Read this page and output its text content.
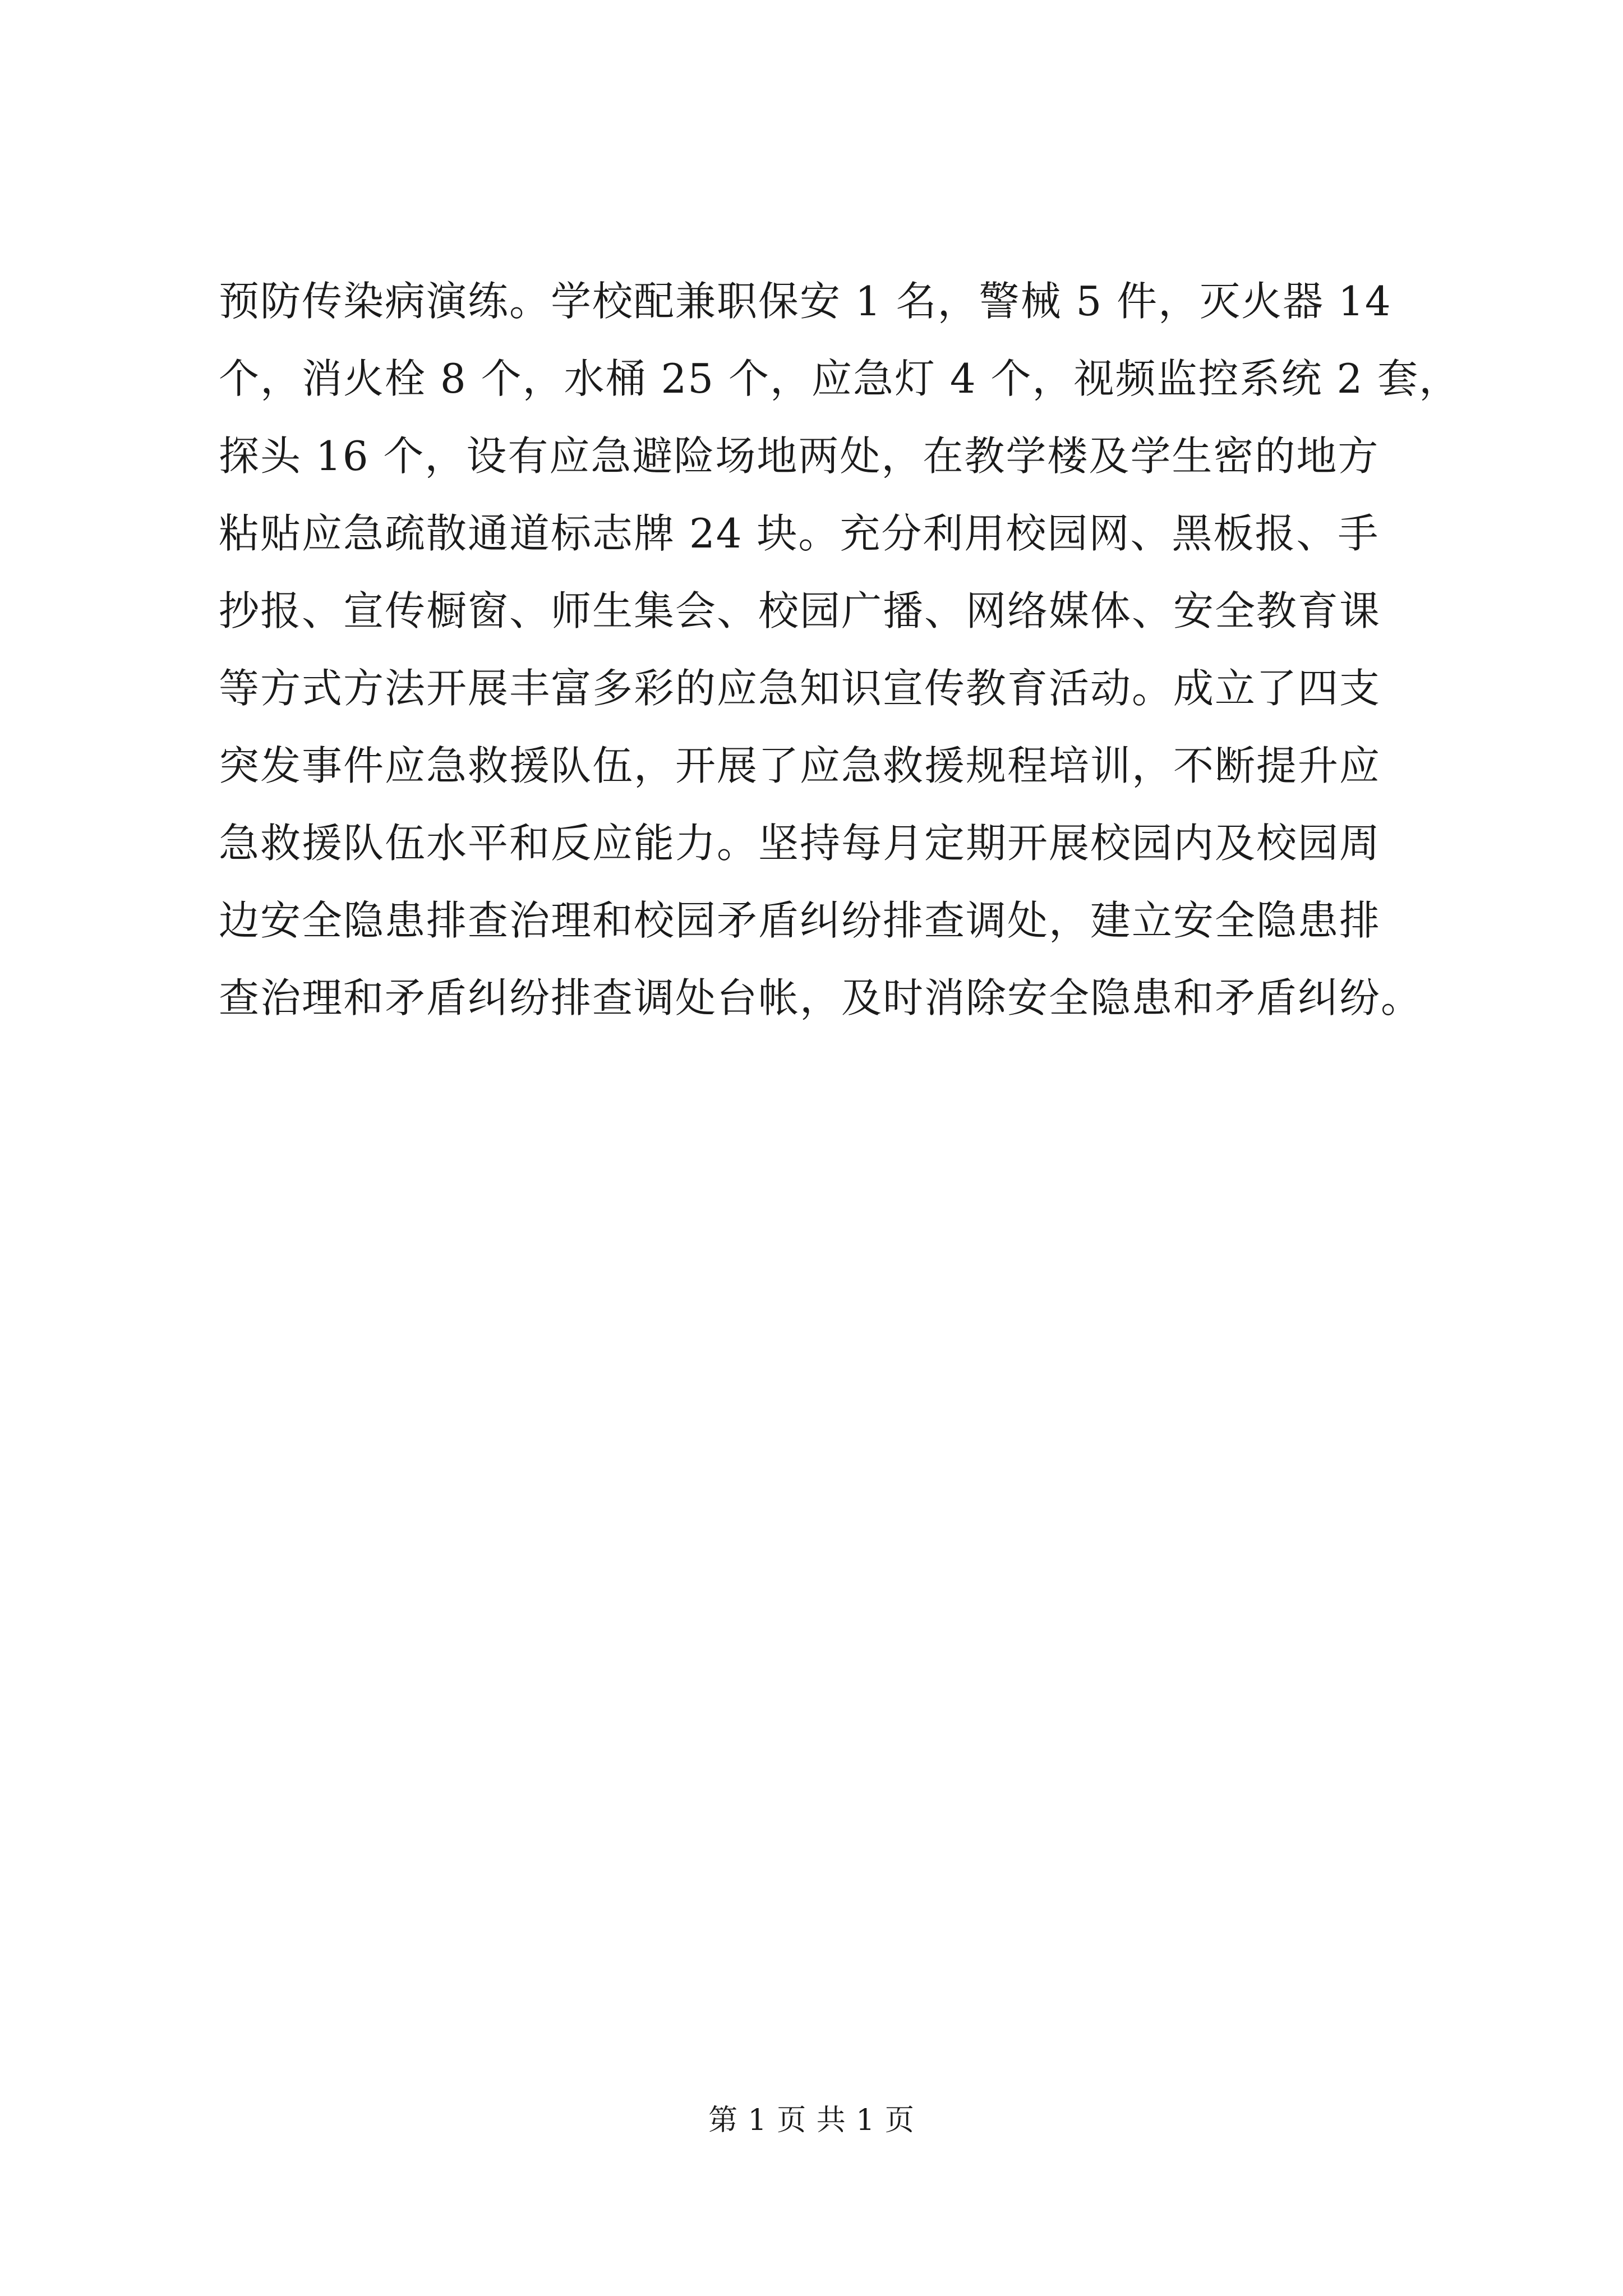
预防传染病演练。学校配兼职保安 1 名，警械 5 件，灭火器 14
个，消火栓 8 个，水桶 25 个，应急灯 4 个，视频监控系统 2 套，
探头 16 个，设有应急避险场地两处，在教学楼及学生密的地方
粘贴应急疏散通道标志牌 24 块。充分利用校园网、黑板报、手
抄报、宣传橱窗、师生集会、校园广播、网络媒体、安全教育课
等方式方法开展丰富多彩的应急知识宣传教育活动。成立了四支
突发事件应急救援队伍，开展了应急救援规程培训，不断提升应
急救援队伍水平和反应能力。坚持每月定期开展校园内及校园周
边安全隐患排查治理和校园矛盾纠纷排查调处，建立安全隐患排
查治理和矛盾纠纷排查调处台帐，及时消除安全隐患和矛盾纠纷。
第 1 页 共 1 页
